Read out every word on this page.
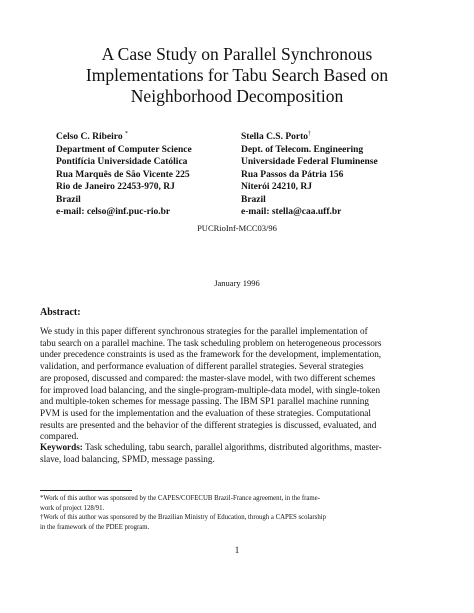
A Case Study on Parallel Synchronous
Implementations for Tabu Search Based on
Neighborhood Decomposition
Celso C. Ribeiro *
Department of Computer Science
Pontifícia Universidade Católica
Rua Marquês de São Vicente 225
Rio de Janeiro 22453-970, RJ
Brazil
e-mail: celso@inf.puc-rio.br
Stella C.S. Porto†
Dept. of Telecom. Engineering
Universidade Federal Fluminense
Rua Passos da Pátria 156
Niterói 24210, RJ
Brazil
e-mail: stella@caa.uff.br
PUCRioInf-MCC03/96
January 1996
Abstract:
We study in this paper different synchronous strategies for the parallel implementation of
tabu search on a parallel machine. The task scheduling problem on heterogeneous processors
under precedence constraints is used as the framework for the development, implementation,
validation, and performance evaluation of different parallel strategies. Several strategies
are proposed, discussed and compared: the master-slave model, with two different schemes
for improved load balancing, and the single-program-multiple-data model, with single-token
and multiple-token schemes for message passing. The IBM SP1 parallel machine running
PVM is used for the implementation and the evaluation of these strategies. Computational
results are presented and the behavior of the different strategies is discussed, evaluated, and
compared.
Keywords: Task scheduling, tabu search, parallel algorithms, distributed algorithms, master-
slave, load balancing, SPMD, message passing.
*Work of this author was sponsored by the CAPES/COFECUB Brazil-France agreement, in the frame-
work of project 128/91.
†Work of this author was sponsored by the Brazilian Ministry of Education, through a CAPES scolarship
in the framework of the PDEE program.
1
